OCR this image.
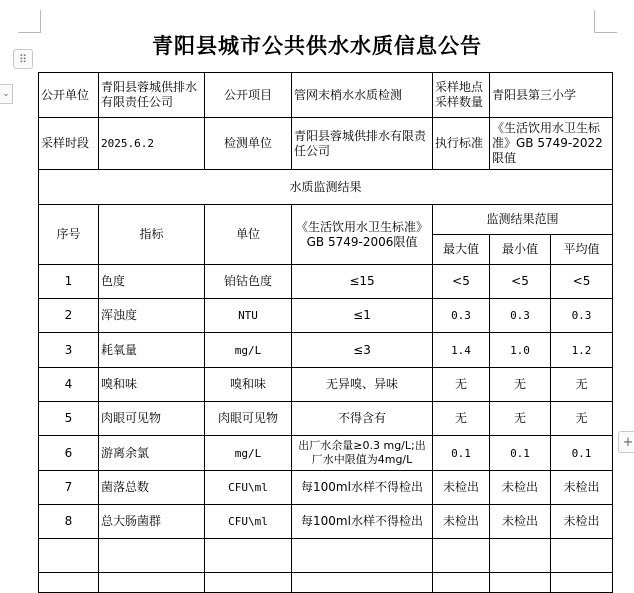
⠿
⌄
+
青阳县城市公共供水水质信息公告
公开单位	青阳县蓉城供排水有限责任公司	公开项目	管网末梢水水质检测	采样地点采样数量	青阳县第三小学	
采样时段	2025.6.2	检测单位	青阳县蓉城供排水有限责任公司	执行标准	《生活饮用水卫生标准》GB 5749-2022限值	
水质监测结果						
序号	指标	单位	《生活饮用水卫生标准》GB 5749-2006限值	监测结果范围		
				最大值	最小值	平均值
1	色度	铂钴色度	≤15	<5	<5	<5
2	浑浊度	NTU	≤1	0.3	0.3	0.3
3	耗氧量	mg/L	≤3	1.4	1.0	1.2
4	嗅和味	嗅和味	无异嗅、异味	无	无	无
5	肉眼可见物	肉眼可见物	不得含有	无	无	无
6	游离余氯	mg/L	出厂水余量≥0.3 mg/L;出厂水中限值为4mg/L	0.1	0.1	0.1
7	菌落总数	CFU\ml	每100ml水样不得检出	未检出	未检出	未检出
8	总大肠菌群	CFU\ml	每100ml水样不得检出	未检出	未检出	未检出
